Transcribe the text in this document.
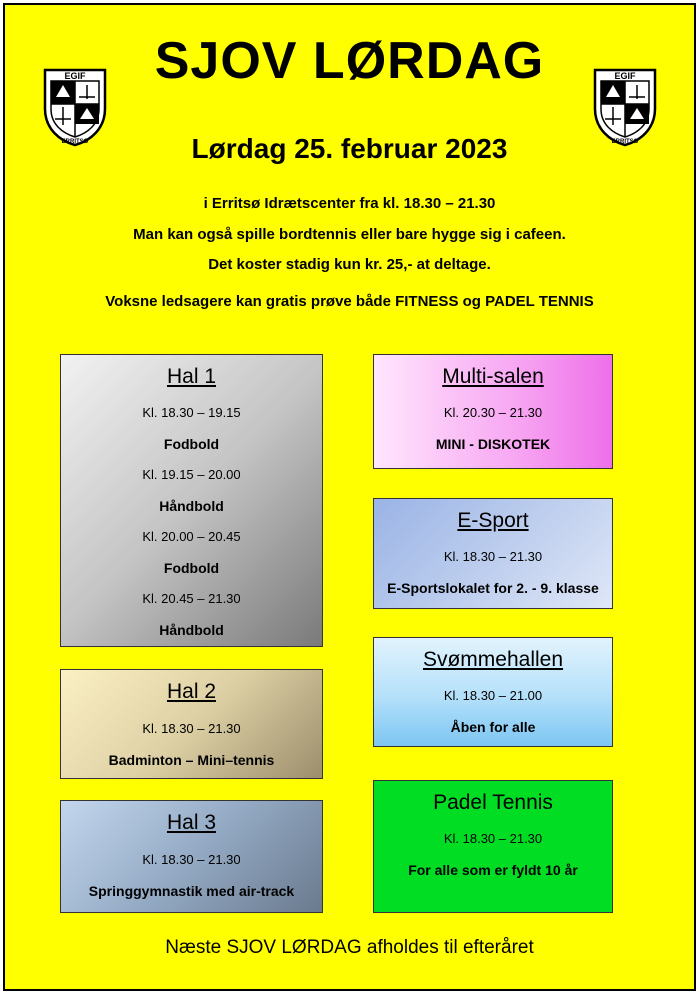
EGIF
ERRITSØ
EGIF
ERRITSØ
SJOV LØRDAG
Lørdag 25. februar 2023
i Erritsø Idrætscenter fra kl. 18.30 – 21.30
Man kan også spille bordtennis eller bare hygge sig i cafeen.
Det koster stadig kun kr. 25,- at deltage.
Voksne ledsagere kan gratis prøve både FITNESS og PADEL TENNIS
Hal 1
Kl. 18.30 – 19.15
Fodbold
Kl. 19.15 – 20.00
Håndbold
Kl. 20.00 – 20.45
Fodbold
Kl. 20.45 – 21.30
Håndbold
Hal 2
Kl. 18.30 – 21.30
Badminton – Mini–tennis
Hal 3
Kl. 18.30 – 21.30
Springgymnastik med air-track
Multi-salen
Kl. 20.30 – 21.30
MINI - DISKOTEK
E-Sport
Kl. 18.30 – 21.30
E-Sportslokalet for 2. - 9. klasse
Svømmehallen
Kl. 18.30 – 21.00
Åben for alle
Padel Tennis
Kl. 18.30 – 21.30
For alle som er fyldt 10 år
Næste SJOV LØRDAG afholdes til efteråret
